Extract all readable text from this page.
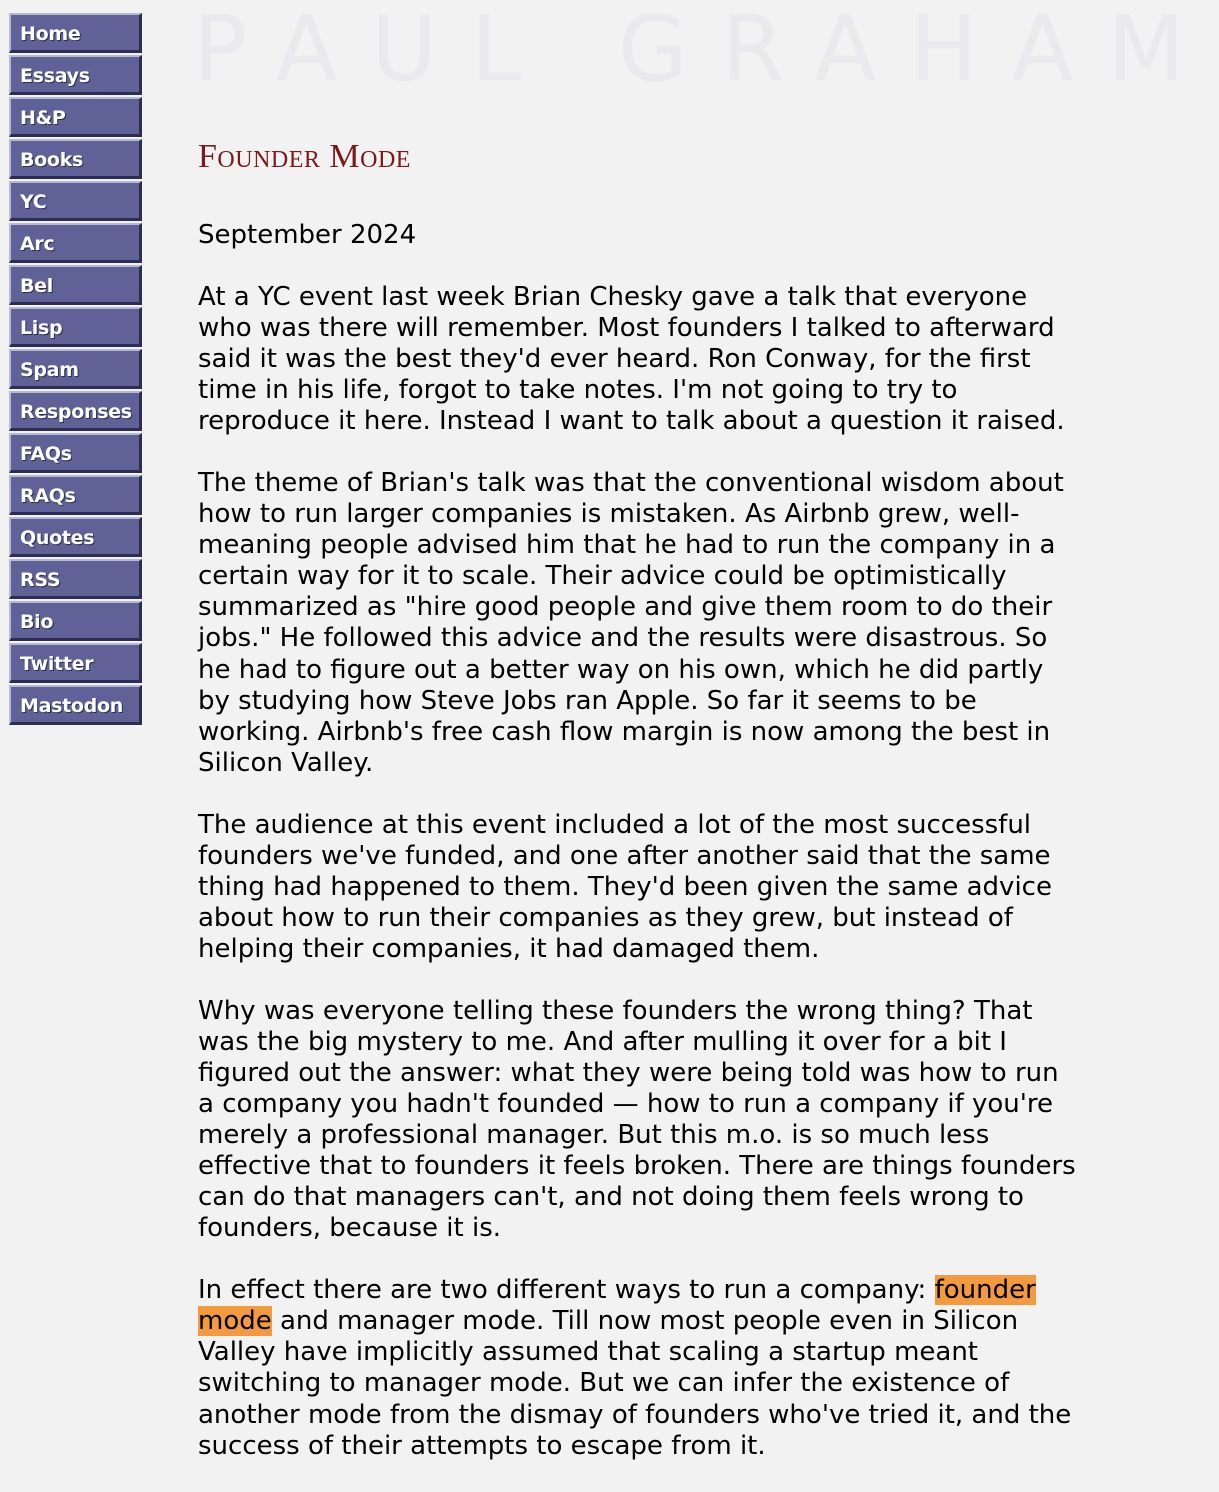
Home
Essays
H&P
Books
YC
Arc
Bel
Lisp
Spam
Responses
FAQs
RAQs
Quotes
RSS
Bio
Twitter
Mastodon
PAUL GRAHAM
Founder Mode

September 2024

At a YC event last week Brian Chesky gave a talk that everyone who was there will remember. Most founders I talked to afterward said it was the best they'd ever heard. Ron Conway, for the first time in his life, forgot to take notes. I'm not going to try to reproduce it here. Instead I want to talk about a question it raised.

The theme of Brian's talk was that the conventional wisdom about how to run larger companies is mistaken. As Airbnb grew, well-meaning people advised him that he had to run the company in a certain way for it to scale. Their advice could be optimistically summarized as "hire good people and give them room to do their jobs." He followed this advice and the results were disastrous. So he had to figure out a better way on his own, which he did partly by studying how Steve Jobs ran Apple. So far it seems to be working. Airbnb's free cash flow margin is now among the best in Silicon Valley.

The audience at this event included a lot of the most successful founders we've funded, and one after another said that the same thing had happened to them. They'd been given the same advice about how to run their companies as they grew, but instead of helping their companies, it had damaged them.

Why was everyone telling these founders the wrong thing? That was the big mystery to me. And after mulling it over for a bit I figured out the answer: what they were being told was how to run a company you hadn't founded — how to run a company if you're merely a professional manager. But this m.o. is so much less effective that to founders it feels broken. There are things founders can do that managers can't, and not doing them feels wrong to founders, because it is.

In effect there are two different ways to run a company: founder mode and manager mode. Till now most people even in Silicon Valley have implicitly assumed that scaling a startup meant switching to manager mode. But we can infer the existence of another mode from the dismay of founders who've tried it, and the success of their attempts to escape from it.
